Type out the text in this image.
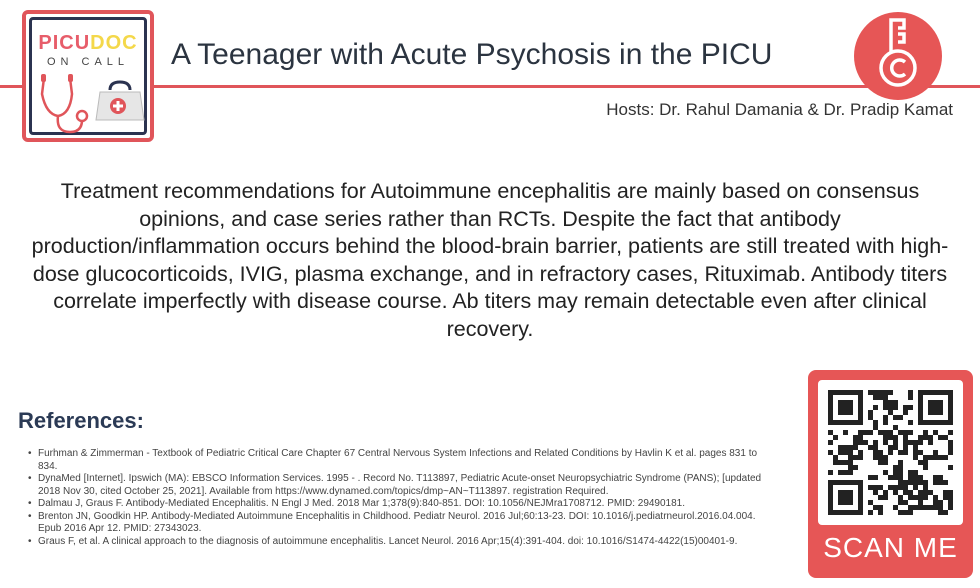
PICUDOC
ON CALL	A Teenager with Acute Psychosis in the PICU
Hosts: Dr. Rahul Damania & Dr. Pradip Kamat
Treatment recommendations for Autoimmune encephalitis are mainly based on consensus opinions, and case series rather than RCTs. Despite the fact that antibody production/inflammation occurs behind the blood-brain barrier, patients are still treated with high-dose glucocorticoids, IVIG, plasma exchange, and in refractory cases, Rituximab. Antibody titers correlate imperfectly with disease course. Ab titers may remain detectable even after clinical recovery.
References:
• Furhman & Zimmerman - Textbook of Pediatric Critical Care Chapter 67 Central Nervous System Infections and Related Conditions by Havlin K et al. pages 831 to 834.
• DynaMed [Internet]. Ipswich (MA): EBSCO Information Services. 1995 - . Record No. T113897, Pediatric Acute-onset Neuropsychiatric Syndrome (PANS); [updated 2018 Nov 30, cited October 25, 2021]. Available from https://www.dynamed.com/topics/dmp~AN~T113897. registration Required.
• Dalmau J, Graus F. Antibody-Mediated Encephalitis. N Engl J Med. 2018 Mar 1;378(9):840-851. DOI: 10.1056/NEJMra1708712. PMID: 29490181.
• Brenton JN, Goodkin HP. Antibody-Mediated Autoimmune Encephalitis in Childhood. Pediatr Neurol. 2016 Jul;60:13-23. DOI: 10.1016/j.pediatrneurol.2016.04.004. Epub 2016 Apr 12. PMID: 27343023.
• Graus F, et al. A clinical approach to the diagnosis of autoimmune encephalitis. Lancet Neurol. 2016 Apr;15(4):391-404. doi: 10.1016/S1474-4422(15)00401-9.	SCAN ME
